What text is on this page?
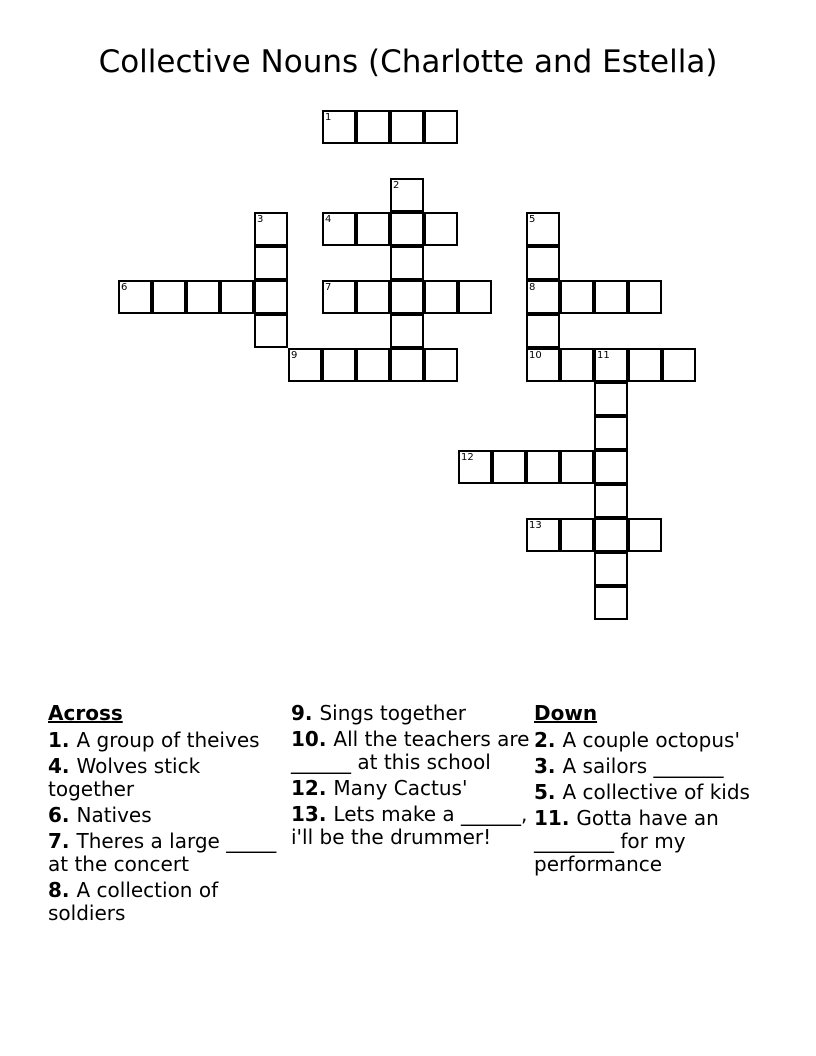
Collective Nouns (Charlotte and Estella)
1
2
3	4	5
8
10
6	7
9	11
12
13
Across
1. A group of theives
4. Wolves stick together
6. Natives
7. Theres a large _____ at the concert
8. A collection of soldiers
9. Sings together
10. All the teachers are ______ at this school
12. Many Cactus'
13. Lets make a ______, i'll be the drummer!
Down
2. A couple octopus'
3. A sailors _______
5. A collective of kids
11. Gotta have an ________ for my performance
